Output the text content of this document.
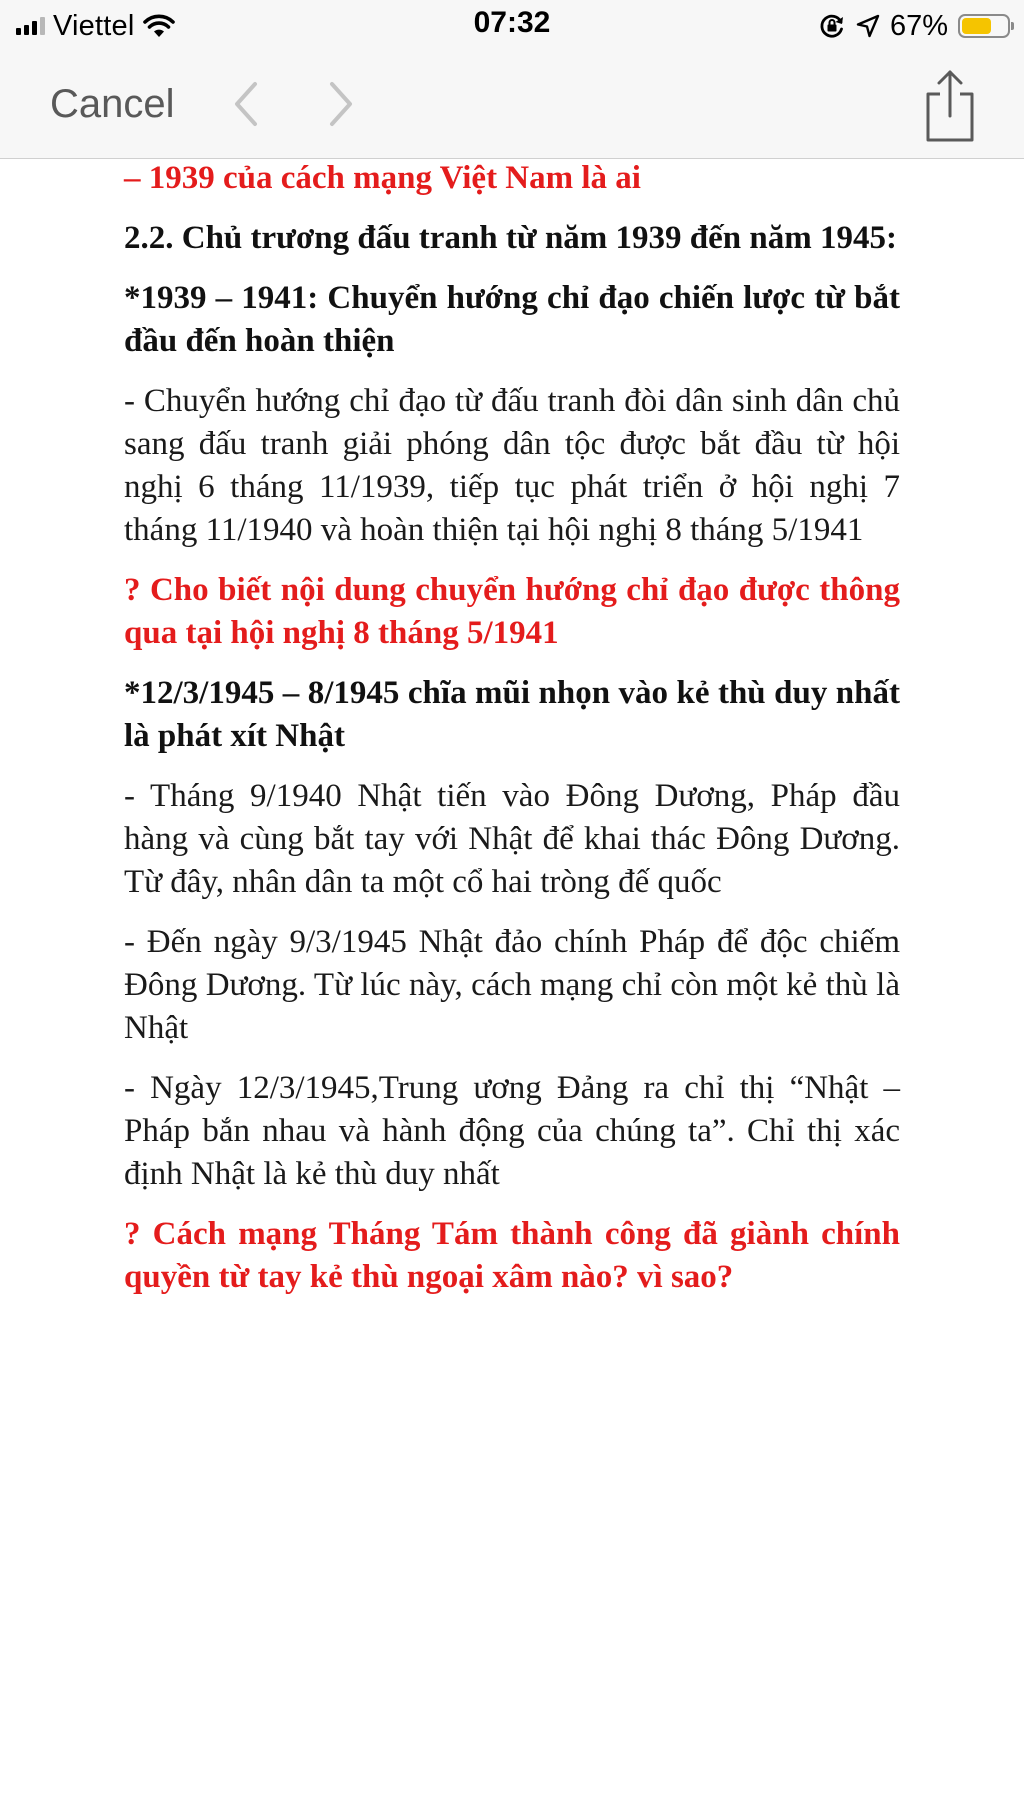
Viettel	07:32	67%
Cancel

– 1939 của cách mạng Việt Nam là ai

2.2. Chủ trương đấu tranh từ năm 1939 đến năm 1945:

*1939 – 1941: Chuyển hướng chỉ đạo chiến lược từ bắt đầu đến hoàn thiện

- Chuyển hướng chỉ đạo từ đấu tranh đòi dân sinh dân chủ sang đấu tranh giải phóng dân tộc được bắt đầu từ hội nghị 6 tháng 11/1939, tiếp tục phát triển ở hội nghị 7 tháng 11/1940 và hoàn thiện tại hội nghị 8 tháng 5/1941

? Cho biết nội dung chuyển hướng chỉ đạo được thông qua tại hội nghị 8 tháng 5/1941

*12/3/1945 – 8/1945 chĩa mũi nhọn vào kẻ thù duy nhất là phát xít Nhật

- Tháng 9/1940 Nhật tiến vào Đông Dương, Pháp đầu hàng và cùng bắt tay với Nhật để khai thác Đông Dương. Từ đây, nhân dân ta một cổ hai tròng đế quốc

- Đến ngày 9/3/1945 Nhật đảo chính Pháp để độc chiếm Đông Dương. Từ lúc này, cách mạng chỉ còn một kẻ thù là Nhật

- Ngày 12/3/1945,Trung ương Đảng ra chỉ thị “Nhật – Pháp bắn nhau và hành động của chúng ta”. Chỉ thị xác định Nhật là kẻ thù duy nhất

? Cách mạng Tháng Tám thành công đã giành chính quyền từ tay kẻ thù ngoại xâm nào? vì sao?
